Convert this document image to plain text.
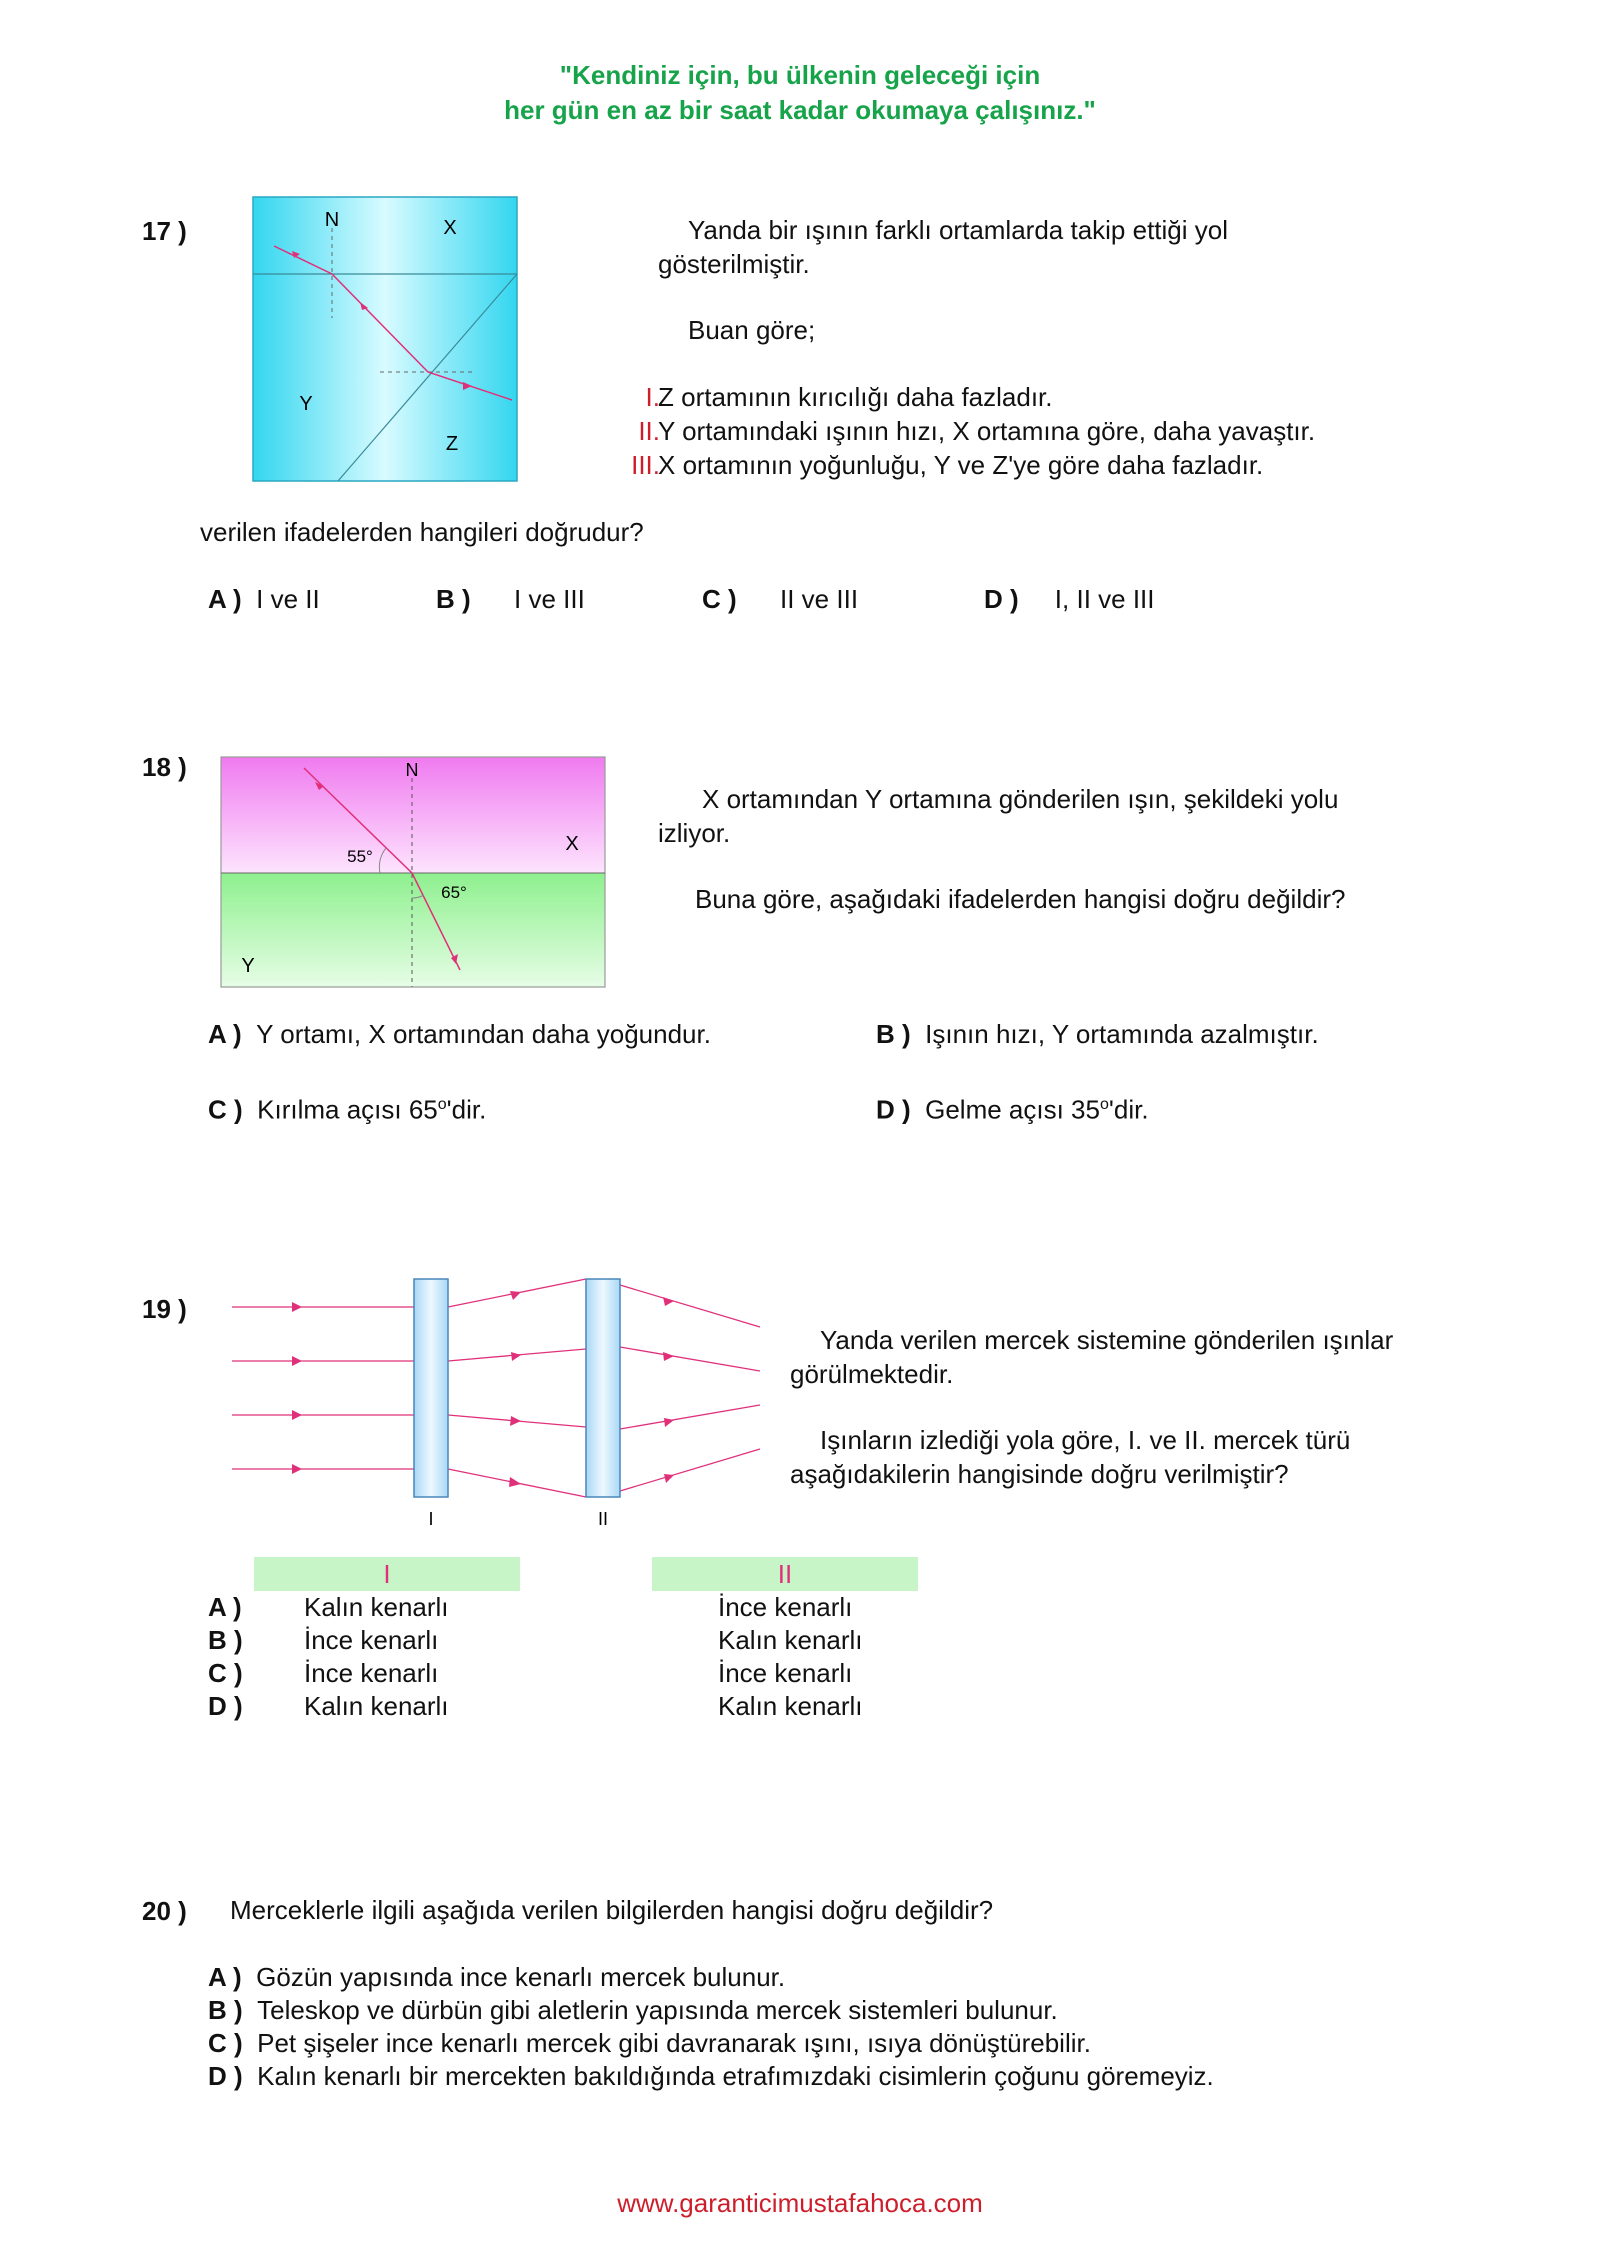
"Kendiniz için, bu ülkenin geleceği için
her gün en az bir saat kadar okumaya çalışınız."
17 )	N	X
Y
Z
Yanda bir ışının farklı ortamlarda takip ettiği yol
gösterilmiştir.
Buan göre;
I.
Z ortamının kırıcılığı daha fazladır.
II.
Y ortamındaki ışının hızı, X ortamına göre, daha yavaştır.
III.
X ortamının yoğunluğu, Y ve Z'ye göre daha fazladır.
verilen ifadelerden hangileri doğrudur?
A ) I ve II	B ) I ve III	C ) II ve III	D ) I, II ve III
18 )	N
X
Y
55°
65°
X ortamından Y ortamına gönderilen ışın, şekildeki yolu
izliyor.
Buna göre, aşağıdaki ifadelerden hangisi doğru değildir?
A ) Y ortamı, X ortamından daha yoğundur.	B ) Işının hızı, Y ortamında azalmıştır.
C ) Kırılma açısı 65$^o$'dir.	D ) Gelme açısı 35$^o$'dir.
19 )
I	II
Yanda verilen mercek sistemine gönderilen ışınlar
görülmektedir.
Işınların izlediği yola göre, I. ve II. mercek türü
aşağıdakilerin hangisinde doğru verilmiştir?
I	II
A ) Kalın kenarlı	İnce kenarlı
B ) İnce kenarlı	Kalın kenarlı
C ) İnce kenarlı	İnce kenarlı
D ) Kalın kenarlı	Kalın kenarlı
20 ) Merceklerle ilgili aşağıda verilen bilgilerden hangisi doğru değildir?
A ) Gözün yapısında ince kenarlı mercek bulunur.
B ) Teleskop ve dürbün gibi aletlerin yapısında mercek sistemleri bulunur.
C ) Pet şişeler ince kenarlı mercek gibi davranarak ışını, ısıya dönüştürebilir.
D ) Kalın kenarlı bir mercekten bakıldığında etrafımızdaki cisimlerin çoğunu göremeyiz.
www.garanticimustafahoca.com
